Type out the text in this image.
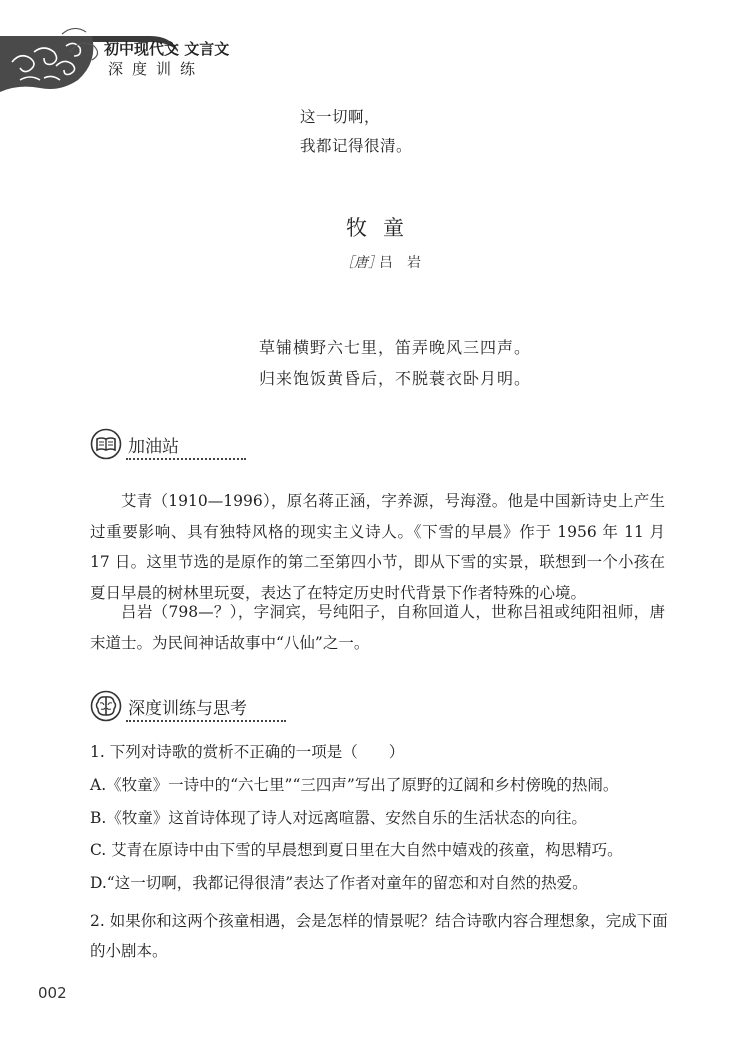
初中现代文 文言文
深度训练
这一切啊，
我都记得很清。
牧童
［唐］
吕岩
草铺横野六七里，笛弄晚风三四声。
归来饱饭黄昏后，不脱蓑衣卧月明。
加油站

艾青（1910—1996），原名蒋正涵，字养源，号海澄。他是中国新诗史上产生过重要影响、具有独特风格的现实主义诗人。《下雪的早晨》作于 1956 年 11 月 17 日。这里节选的是原作的第二至第四小节，即从下雪的实景，联想到一个小孩在夏日早晨的树林里玩耍，表达了在特定历史时代背景下作者特殊的心境。

吕岩（798—？），字洞宾，号纯阳子，自称回道人，世称吕祖或纯阳祖师，唐末道士。为民间神话故事中“八仙”之一。

深度训练与思考
1. 下列对诗歌的赏析不正确的一项是（　　）
A.《牧童》一诗中的“六七里”“三四声”写出了原野的辽阔和乡村傍晚的热闹。
B.《牧童》这首诗体现了诗人对远离喧嚣、安然自乐的生活状态的向往。
C. 艾青在原诗中由下雪的早晨想到夏日里在大自然中嬉戏的孩童，构思精巧。
D.“这一切啊，我都记得很清”表达了作者对童年的留恋和对自然的热爱。
2. 如果你和这两个孩童相遇，会是怎样的情景呢？结合诗歌内容合理想象，完成下面的小剧本。
002
